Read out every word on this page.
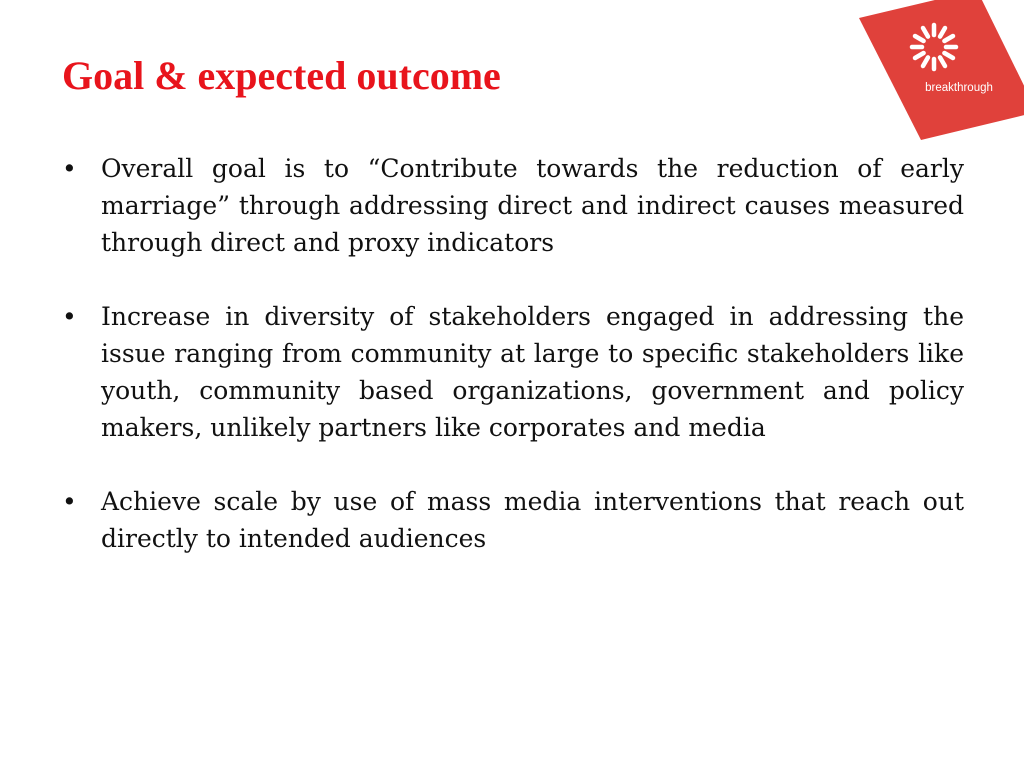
Goal & expected outcome	breakthrough
• Overall goal is to “Contribute towards the reduction of early marriage” through addressing direct and indirect causes measured through direct and proxy indicators
• Increase in diversity of stakeholders engaged in addressing the issue ranging from community at large to specific stakeholders like youth, community based organizations, government and policy makers, unlikely partners like corporates and media
• Achieve scale by use of mass media interventions that reach out directly to intended audiences
